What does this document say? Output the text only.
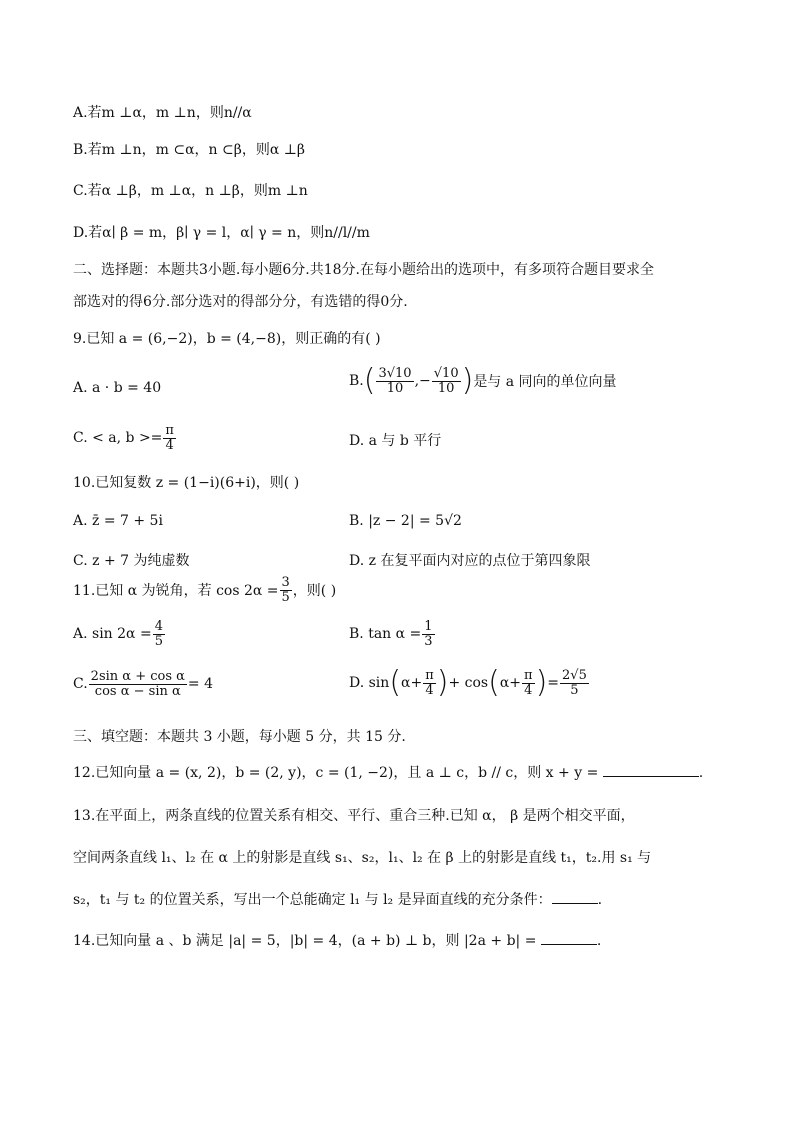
A.若m ⊥α，m ⊥n，则n//α
B.若m ⊥n，m ⊂α，n ⊂β，则α ⊥β
C.若α ⊥β，m ⊥α，n ⊥β，则m ⊥n
D.若α∣ β = m，β∣ γ = l，α∣ γ = n，则n//l//m
二、选择题：本题共3小题.每小题6分.共18分.在每小题给出的选项中，有多项符合题目要求全
部选对的得6分.部分选对的得部分分，有选错的得0分.
9.已知 a = (6,−2)，b = (4,−8)，则正确的有( )
A. a · b = 40	B. ( $\frac{3√10}{10}$ ,− $\frac{√10}{10}$ ) 是与 a 同向的单位向量
C. < a, $b >= \frac{\pi}{4}$	D. a 与 b 平行
10.已知复数 z = (1−i)(6+i)，则( )
A. z̄ = 7 + 5i	B. |z − 2| = 5√2
C. z + 7 为纯虚数	D. z 在复平面内对应的点位于第四象限
11.已知 α 为锐角，若 $\cos 2\alpha = \frac{3}{5}$ ，则( )
A. $\sin 2\alpha = \frac{4}{5}$	B. $\tan \alpha = \frac{1}{3}$
C. $\frac{\text{2sin α + cos α}}{\text{cos α − sin α}} = 4$	D. sin ( $\alpha+ \frac{\pi}{4}$ ) + cos ( $\alpha+ \frac{\pi}{4}$ ) = $\frac{2√5}{5}$
三、填空题：本题共 3 小题，每小题 5 分，共 15 分.
12.已知向量 a = (x, 2)，b = (2, y)，c = (1, −2)，且 a ⊥ c，b // c，则 x + y =	.
13.在平面上，两条直线的位置关系有相交、平行、重合三种.已知 α， β 是两个相交平面，
空间两条直线 l₁、l₂ 在 α 上的射影是直线 s₁、s₂，l₁、l₂ 在 β 上的射影是直线 t₁，t₂.用 s₁ 与
s₂，t₁ 与 t₂ 的位置关系，写出一个总能确定 l₁ 与 l₂ 是异面直线的充分条件：	.
14.已知向量 a 、b 满足 |a| = 5，|b| = 4，(a + b) ⊥ b，则 |2a + b| =	.
